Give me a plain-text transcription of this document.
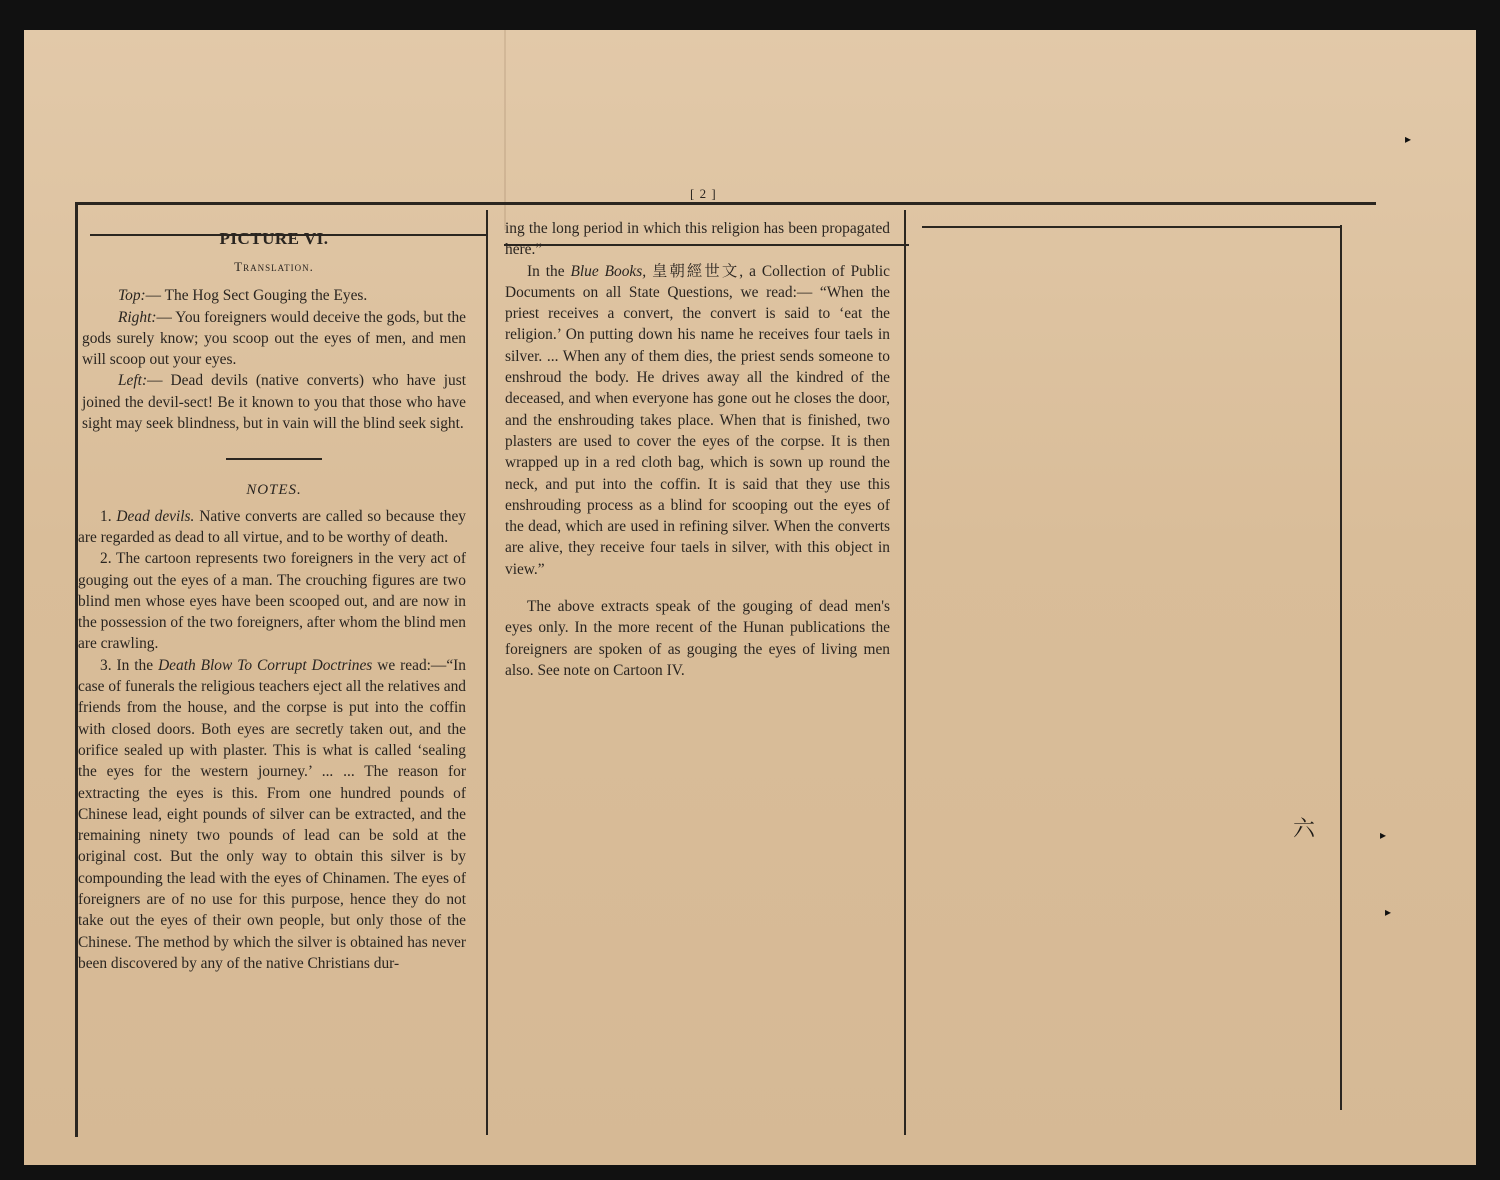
[ 2 ]
PICTURE VI.
Translation.

Top:— The Hog Sect Gouging the Eyes.

Right:— You foreigners would deceive the gods, but the gods surely know; you scoop out the eyes of men, and men will scoop out your eyes.

Left:— Dead devils (native converts) who have just joined the devil-sect! Be it known to you that those who have sight may seek blindness, but in vain will the blind seek sight.

NOTES.

1. Dead devils. Native converts are called so because they are regarded as dead to all virtue, and to be worthy of death.

2. The cartoon represents two foreigners in the very act of gouging out the eyes of a man. The crouching figures are two blind men whose eyes have been scooped out, and are now in the possession of the two foreigners, after whom the blind men are crawling.

3. In the Death Blow To Corrupt Doctrines we read:—“In case of funerals the religious teachers eject all the relatives and friends from the house, and the corpse is put into the coffin with closed doors. Both eyes are secretly taken out, and the orifice sealed up with plaster. This is what is called ‘sealing the eyes for the western journey.’ ... ... The reason for extracting the eyes is this. From one hundred pounds of Chinese lead, eight pounds of silver can be extracted, and the remaining ninety two pounds of lead can be sold at the original cost. But the only way to obtain this silver is by compounding the lead with the eyes of Chinamen. The eyes of foreigners are of no use for this purpose, hence they do not take out the eyes of their own people, but only those of the Chinese. The method by which the silver is obtained has never been discovered by any of the native Christians dur-

ing the long period in which this religion has been propagated here.”

In the Blue Books, 皇朝經世文, a Collection of Public Documents on all State Questions, we read:— “When the priest receives a convert, the convert is said to ‘eat the religion.’ On putting down his name he receives four taels in silver. ... When any of them dies, the priest sends someone to enshroud the body. He drives away all the kindred of the deceased, and when everyone has gone out he closes the door, and the enshrouding takes place. When that is finished, two plasters are used to cover the eyes of the corpse. It is then wrapped up in a red cloth bag, which is sown up round the neck, and put into the coffin. It is said that they use this enshrouding process as a blind for scooping out the eyes of the dead, which are used in refining silver. When the converts are alive, they receive four taels in silver, with this object in view.”

The above extracts speak of the gouging of dead men's eyes only. In the more recent of the Hunan publications the foreigners are spoken of as gouging the eyes of living men also. See note on Cartoon IV.

六
▸
▸
▸
